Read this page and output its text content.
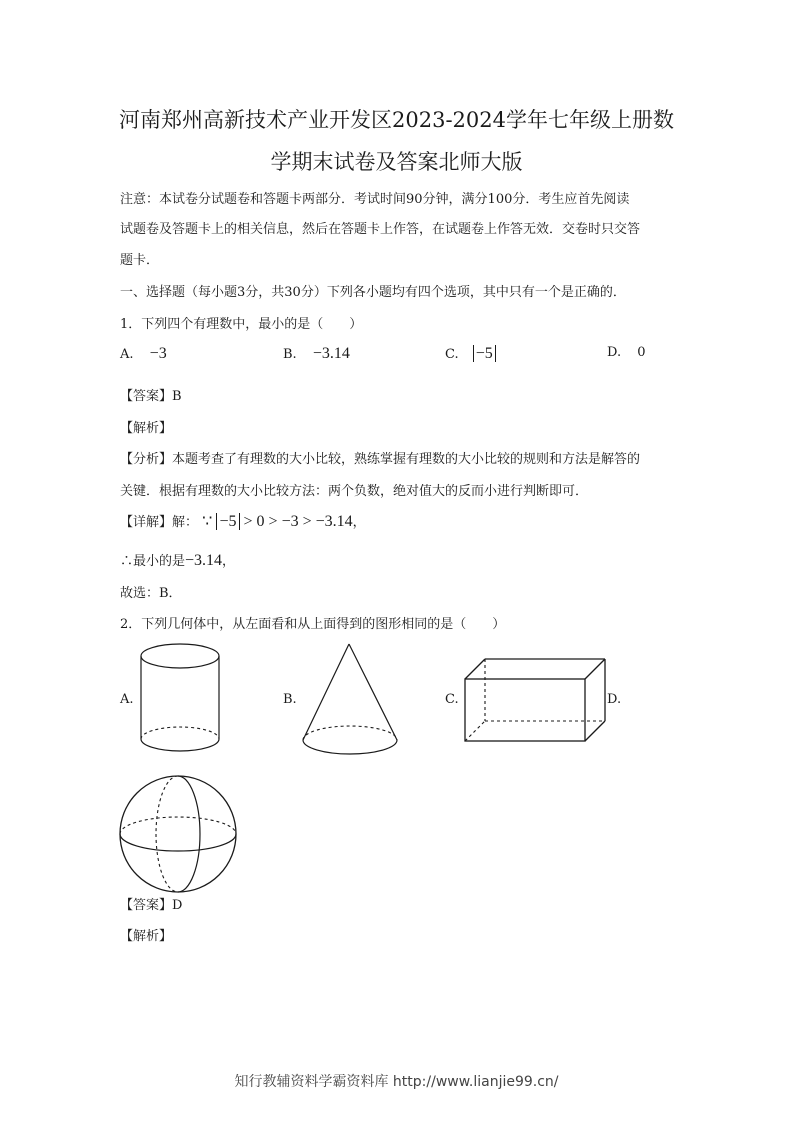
河南郑州高新技术产业开发区2023-2024学年七年级上册数
学期末试卷及答案北师大版
注意：本试卷分试题卷和答题卡两部分．考试时间90分钟，满分100分．考生应首先阅读
试题卷及答题卡上的相关信息，然后在答题卡上作答，在试题卷上作答无效．交卷时只交答
题卡．
一、选择题（每小题3分，共30分）下列各小题均有四个选项，其中只有一个是正确的．
1．下列四个有理数中，最小的是（　　）
A. −3	B. −3.14	C. −5	D. 0
【答案】B
【解析】
【分析】本题考查了有理数的大小比较，熟练掌握有理数的大小比较的规则和方法是解答的
关键．根据有理数的大小比较方法：两个负数，绝对值大的反而小进行判断即可．
【详解】解： ∵ −5 > 0 > −3 > −3.14，
∴最小的是−3.14，
故选：B．
2．下列几何体中，从左面看和从上面得到的图形相同的是（　　）
A.	B.	C.	D.
【答案】D
【解析】
知行教辅资料学霸资料库 http://www.lianjie99.cn/
